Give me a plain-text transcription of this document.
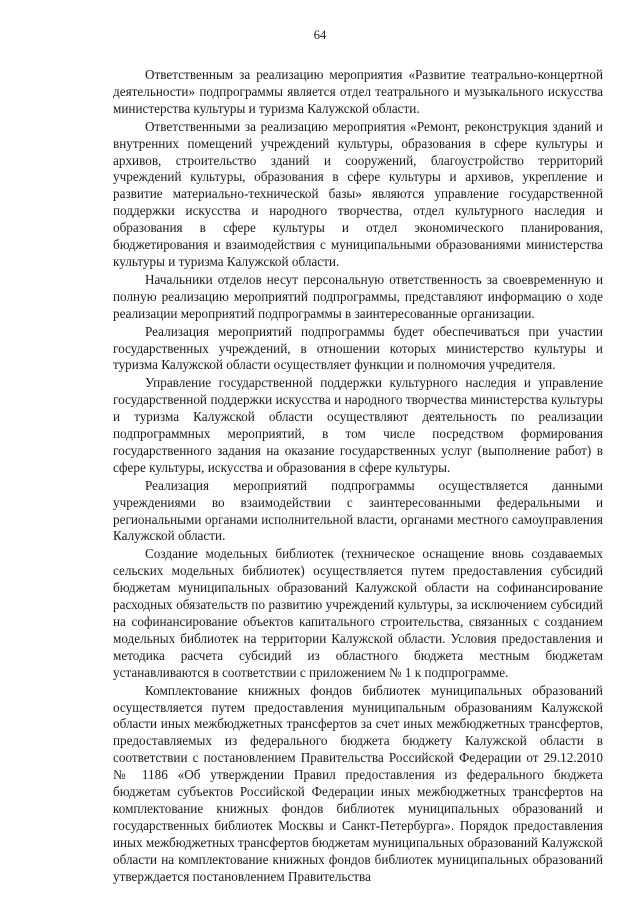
64

Ответственным за реализацию мероприятия «Развитие театрально-концертной деятельности» подпрограммы является отдел театрального и музыкального искусства министерства культуры и туризма Калужской области.

Ответственными за реализацию мероприятия «Ремонт, реконструкция зданий и внутренних помещений учреждений культуры, образования в сфере культуры и архивов, строительство зданий и сооружений, благоустройство территорий учреждений культуры, образования в сфере культуры и архивов, укрепление и развитие материально-технической базы» являются управление государственной поддержки искусства и народного творчества, отдел культурного наследия и образования в сфере культуры и отдел экономического планирования, бюджетирования и взаимодействия с муниципальными образованиями министерства культуры и туризма Калужской области.

Начальники отделов несут персональную ответственность за своевременную и полную реализацию мероприятий подпрограммы, представляют информацию о ходе реализации мероприятий подпрограммы в заинтересованные организации.

Реализация мероприятий подпрограммы будет обеспечиваться при участии государственных учреждений, в отношении которых министерство культуры и туризма Калужской области осуществляет функции и полномочия учредителя.

Управление государственной поддержки культурного наследия и управление государственной поддержки искусства и народного творчества министерства культуры и туризма Калужской области осуществляют деятельность по реализации подпрограммных мероприятий, в том числе посредством формирования государственного задания на оказание государственных услуг (выполнение работ) в сфере культуры, искусства и образования в сфере культуры.

Реализация мероприятий подпрограммы осуществляется данными учреждениями во взаимодействии с заинтересованными федеральными и региональными органами исполнительной власти, органами местного самоуправления Калужской области.

Создание модельных библиотек (техническое оснащение вновь создаваемых сельских модельных библиотек) осуществляется путем предоставления субсидий бюджетам муниципальных образований Калужской области на софинансирование расходных обязательств по развитию учреждений культуры, за исключением субсидий на софинансирование объектов капитального строительства, связанных с созданием модельных библиотек на территории Калужской области. Условия предоставления и методика расчета субсидий из областного бюджета местным бюджетам устанавливаются в соответствии с приложением № 1 к подпрограмме.

Комплектование книжных фондов библиотек муниципальных образований осуществляется путем предоставления муниципальным образованиям Калужской области иных межбюджетных трансфертов за счет иных межбюджетных трансфертов, предоставляемых из федерального бюджета бюджету Калужской области в соответствии с постановлением Правительства Российской Федерации от 29.12.2010 № 1186 «Об утверждении Правил предоставления из федерального бюджета бюджетам субъектов Российской Федерации иных межбюджетных трансфертов на комплектование книжных фондов библиотек муниципальных образований и государственных библиотек Москвы и Санкт-Петербурга». Порядок предоставления иных межбюджетных трансфертов бюджетам муниципальных образований Калужской области на комплектование книжных фондов библиотек муниципальных образований утверждается постановлением Правительства
